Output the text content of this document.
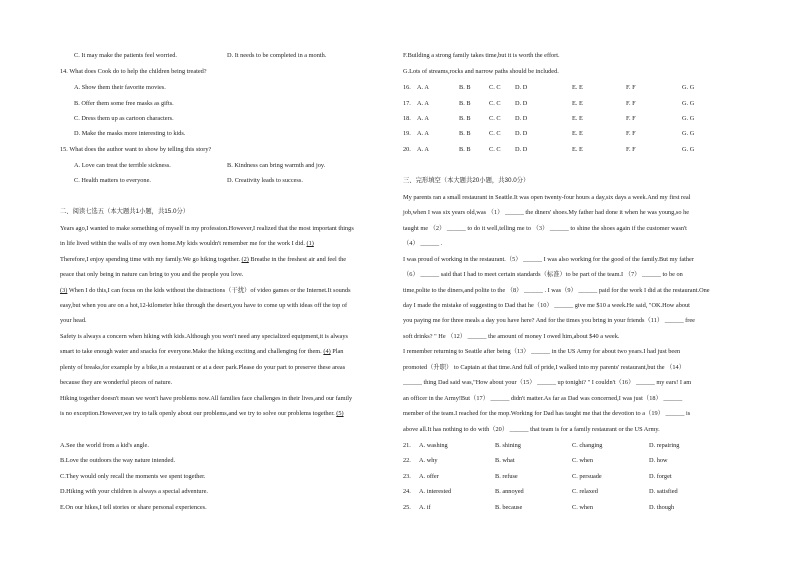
C. It may make the patients feel worried.	D. It needs to be completed in a month.
14. What does Cook do to help the children being treated?
A. Show them their favorite movies.
B. Offer them some free masks as gifts.
C. Dress them up as cartoon characters.
D. Make the masks more interesting to kids.
15. What does the author want to show by telling this story?
A. Love can treat the terrible sickness.	B. Kindness can bring warmth and joy.
C. Health matters to everyone.	D. Creativity leads to success.
二、阅读七选五（本大题共1小题，共15.0分）
Years ago,I wanted to make something of myself in my profession.However,I realized that the most important things
in life lived within the walls of my own home.My kids wouldn't remember me for the work I did. (1)
Therefore,I enjoy spending time with my family.We go hiking together. (2) Breathe in the freshest air and feel the
peace that only being in nature can bring to you and the people you love.
(3) When I do this,I can focus on the kids without the distractions（干扰）of video games or the Internet.It sounds
easy,but when you are on a hot,12-kilometer hike through the desert,you have to come up with ideas off the top of
your head.
Safety is always a concern when hiking with kids.Although you won't need any specialized equipment,it is always
smart to take enough water and snacks for everyone.Make the hiking exciting and challenging for them. (4) Plan
plenty of breaks,for example by a bike,in a restaurant or at a deer park.Please do your part to preserve these areas
because they are wonderful pieces of nature.
Hiking together doesn't mean we won't have problems now.All families face challenges in their lives,and our family
is no exception.However,we try to talk openly about our problems,and we try to solve our problems together. (5)
A.See the world from a kid's angle.
B.Love the outdoors the way nature intended.
C.They would only recall the moments we spent together.
D.Hiking with your children is always a special adventure.
E.On our hikes,I tell stories or share personal experiences.
F.Building a strong family takes time,but it is worth the effort.
G.Lots of streams,rocks and narrow paths should be included.
16. A. A	B. B	C. C D. D	E. E	F. F	G. G
17. A. A	B. B	C. C D. D	E. E	F. F	G. G
18. A. A	B. B	C. C D. D	E. E	F. F	G. G
19. A. A	B. B	C. C D. D	E. E	F. F	G. G
20. A. A	B. B	C. C D. D	E. E	F. F	G. G
三、完形填空（本大题共20小题，共30.0分）
My parents ran a small restaurant in Seattle.It was open twenty-four hours a day,six days a week.And my first real
job,when I was six years old,was （1） ______ the diners' shoes.My father had done it when he was young,so he
taught me （2） ______ to do it well,telling me to （3） ______ to shine the shoes again if the customer wasn't
（4） ______ .
I was proud of working in the restaurant.（5） ______ I was also working for the good of the family.But my father
（6） ______ said that I had to meet certain standards（标准）to be part of the team.I （7） ______ to be on
time,polite to the diners,and polite to the （8） ______ . I was（9） ______ paid for the work I did at the restaurant.One
day I made the mistake of suggesting to Dad that he（10） ______ give me $10 a week.He said, "OK.How about
you paying me for three meals a day you have here? And for the times you bring in your friends（11） ______ free
soft drinks? " He （12） ______ the amount of money I owed him,about $40 a week.
I remember returning to Seattle after being（13） ______ in the US Army for about two years.I had just been
promoted（升职） to Captain at that time.And full of pride,I walked into my parents' restaurant,but the （14）
______ thing Dad said was,"How about your（15） ______ up tonight? " I couldn't（16） ______ my ears! I am
an officer in the Army!But（17） ______ didn't matter.As far as Dad was concerned,I was just（18） ______
member of the team.I reached for the mop.Working for Dad has taught me that the devotion to a（19） ______ is
above all.It has nothing to do with（20） ______ that team is for a family restaurant or the US Army.
21. A. washing	B. shining	C. changing	D. repairing
22. A. why	B. what	C. when	D. how
23. A. offer	B. refuse	C. persuade	D. forget
24. A. interested	B. annoyed	C. relaxed	D. satisfied
25. A. if	B. because	C. when	D. though
